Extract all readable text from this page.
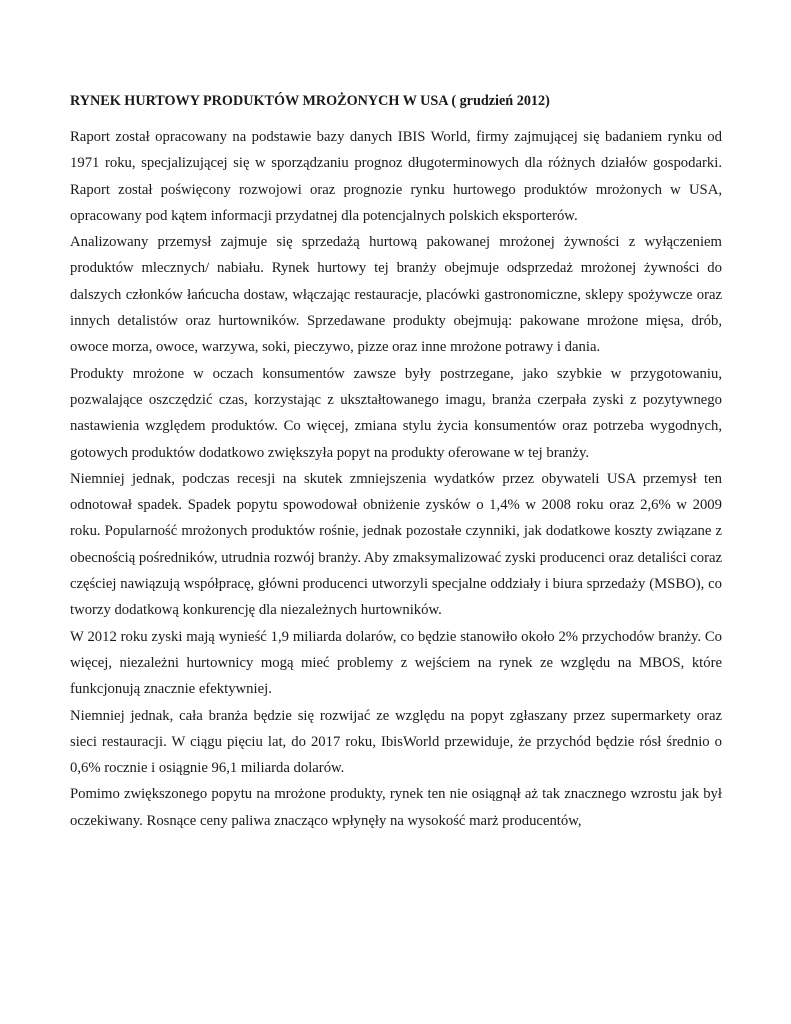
RYNEK HURTOWY PRODUKTÓW MROŻONYCH W USA ( grudzień 2012)

Raport został opracowany na podstawie bazy danych IBIS World, firmy zajmującej się badaniem rynku od 1971 roku, specjalizującej się w sporządzaniu prognoz długoterminowych dla różnych działów gospodarki. Raport został poświęcony rozwojowi oraz prognozie rynku hurtowego produktów mrożonych w USA, opracowany pod kątem informacji przydatnej dla potencjalnych polskich eksporterów.

Analizowany przemysł zajmuje się sprzedażą hurtową pakowanej mrożonej żywności z wyłączeniem produktów mlecznych/ nabiału. Rynek hurtowy tej branży obejmuje odsprzedaż mrożonej żywności do dalszych członków łańcucha dostaw, włączając restauracje, placówki gastronomiczne, sklepy spożywcze oraz innych detalistów oraz hurtowników. Sprzedawane produkty obejmują: pakowane mrożone mięsa, drób, owoce morza, owoce, warzywa, soki, pieczywo, pizze oraz inne mrożone potrawy i dania.

Produkty mrożone w oczach konsumentów zawsze były postrzegane, jako szybkie w przygotowaniu, pozwalające oszczędzić czas, korzystając z ukształtowanego imagu, branża czerpała zyski z pozytywnego nastawienia względem produktów. Co więcej, zmiana stylu życia konsumentów oraz potrzeba wygodnych, gotowych produktów dodatkowo zwiększyła popyt na produkty oferowane w tej branży.

Niemniej jednak, podczas recesji na skutek zmniejszenia wydatków przez obywateli USA przemysł ten odnotował spadek. Spadek popytu spowodował obniżenie zysków o 1,4% w 2008 roku oraz 2,6% w 2009 roku. Popularność mrożonych produktów rośnie, jednak pozostałe czynniki, jak dodatkowe koszty związane z obecnością pośredników, utrudnia rozwój branży. Aby zmaksymalizować zyski producenci oraz detaliści coraz częściej nawiązują współpracę, główni producenci utworzyli specjalne oddziały i biura sprzedaży (MSBO), co tworzy dodatkową konkurencję dla niezależnych hurtowników.

W 2012 roku zyski mają wynieść 1,9 miliarda dolarów, co będzie stanowiło około 2% przychodów branży. Co więcej, niezależni hurtownicy mogą mieć problemy z wejściem na rynek ze względu na MBOS, które funkcjonują znacznie efektywniej.

Niemniej jednak, cała branża będzie się rozwijać ze względu na popyt zgłaszany przez supermarkety oraz sieci restauracji. W ciągu pięciu lat, do 2017 roku, IbisWorld przewiduje, że przychód będzie rósł średnio o 0,6% rocznie i osiągnie 96,1 miliarda dolarów.

Pomimo zwiększonego popytu na mrożone produkty, rynek ten nie osiągnął aż tak znacznego wzrostu jak był oczekiwany. Rosnące ceny paliwa znacząco wpłynęły na wysokość marż producentów,
